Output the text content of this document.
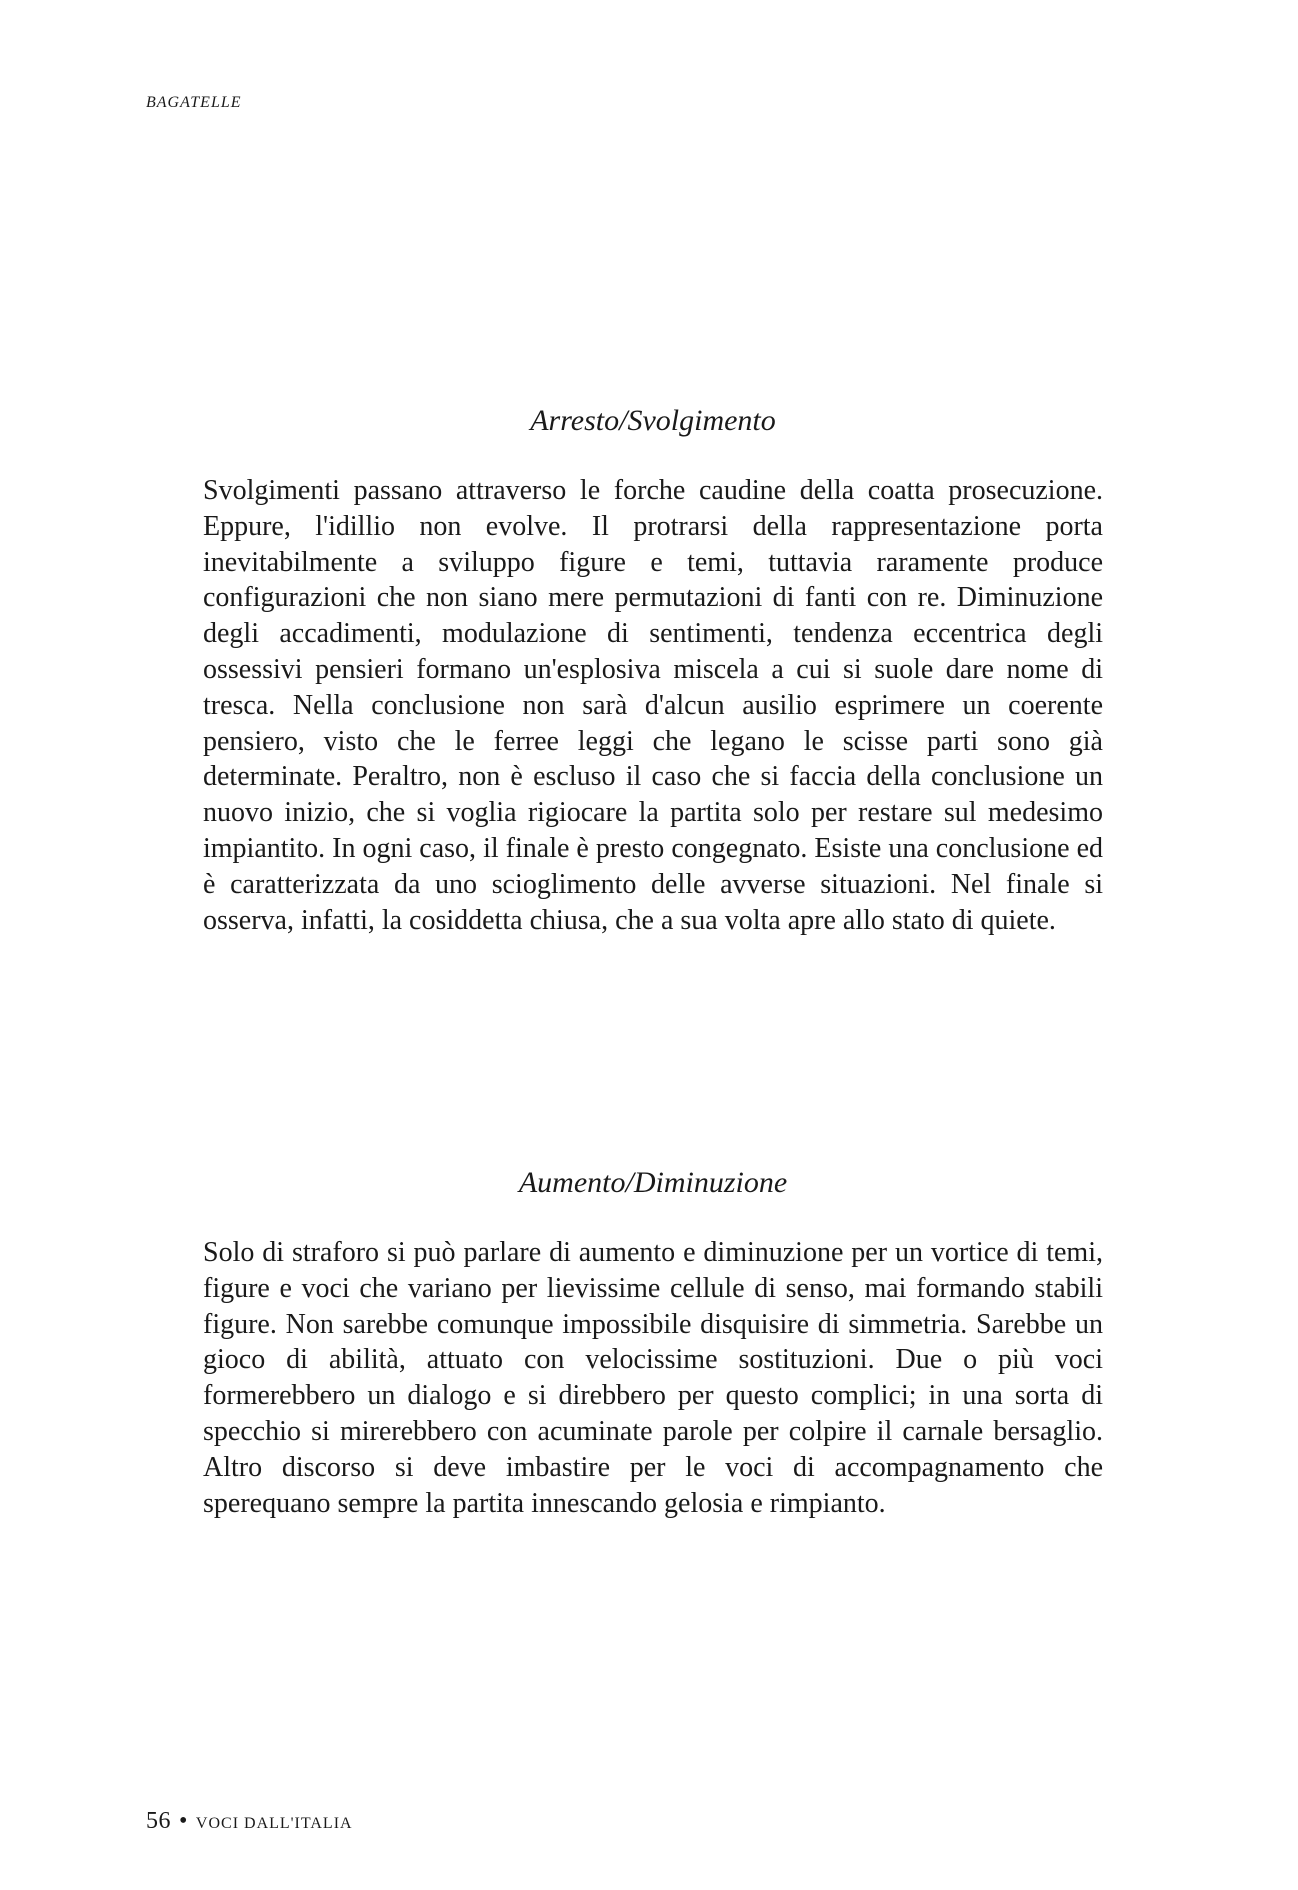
BAGATELLE
Arresto/Svolgimento

Svolgimenti passano attraverso le forche caudine della coatta prosecuzione. Eppure, l'idillio non evolve. Il protrarsi della rappresentazione porta inevitabilmente a sviluppo figure e temi, tuttavia raramente produce configurazioni che non siano mere permutazioni di fanti con re. Diminuzione degli accadimenti, modulazione di sentimenti, tendenza eccentrica degli ossessivi pensieri formano un'esplosiva miscela a cui si suole dare nome di tresca. Nella conclusione non sarà d'alcun ausilio esprimere un coerente pensiero, visto che le ferree leggi che legano le scisse parti sono già determinate. Peraltro, non è escluso il caso che si faccia della conclusione un nuovo inizio, che si voglia rigiocare la partita solo per restare sul medesimo impiantito. In ogni caso, il finale è presto congegnato. Esiste una conclusione ed è caratterizzata da uno scioglimento delle avverse situazioni. Nel finale si osserva, infatti, la cosiddetta chiusa, che a sua volta apre allo stato di quiete.

Aumento/Diminuzione

Solo di straforo si può parlare di aumento e diminuzione per un vortice di temi, figure e voci che variano per lievissime cellule di senso, mai formando stabili figure. Non sarebbe comunque impossibile disquisire di simmetria. Sarebbe un gioco di abilità, attuato con velocissime sostituzioni. Due o più voci formerebbero un dialogo e si direbbero per questo complici; in una sorta di specchio si mirerebbero con acuminate parole per colpire il carnale bersaglio. Altro discorso si deve imbastire per le voci di accompagnamento che sperequano sempre la partita innescando gelosia e rimpianto.

56 • VOCI DALL'ITALIA
